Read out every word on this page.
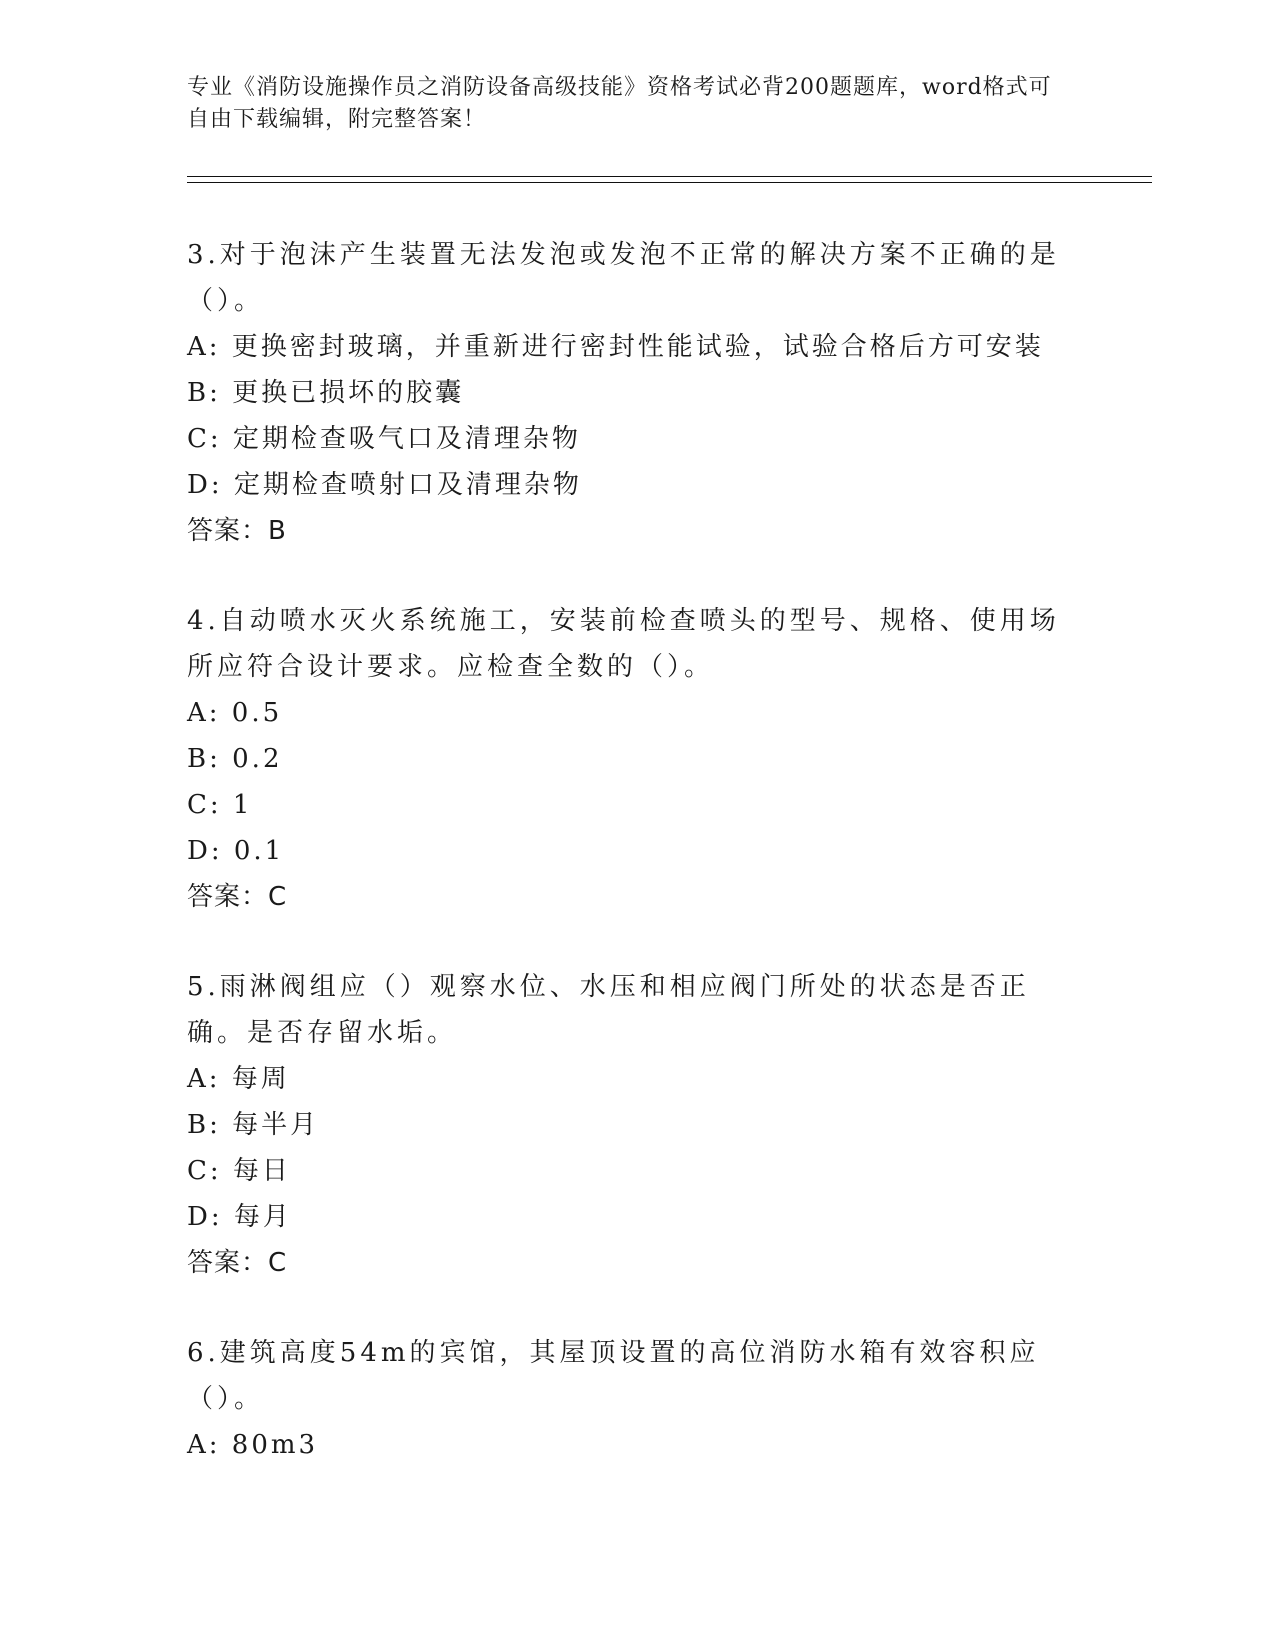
专业《消防设施操作员之消防设备高级技能》资格考试必背200题题库，word格式可自由下载编辑，附完整答案！

3.对于泡沫产生装置无法发泡或发泡不正常的解决方案不正确的是（）。

A: 更换密封玻璃，并重新进行密封性能试验，试验合格后方可安装

B: 更换已损坏的胶囊

C: 定期检查吸气口及清理杂物

D: 定期检查喷射口及清理杂物

答案：B

4.自动喷水灭火系统施工，安装前检查喷头的型号、规格、使用场所应符合设计要求。应检查全数的（）。

A: 0.5

B: 0.2

C: 1

D: 0.1

答案：C

5.雨淋阀组应（）观察水位、水压和相应阀门所处的状态是否正确。是否存留水垢。

A: 每周

B: 每半月

C: 每日

D: 每月

答案：C

6.建筑高度54m的宾馆，其屋顶设置的高位消防水箱有效容积应（）。

A: 80m3
